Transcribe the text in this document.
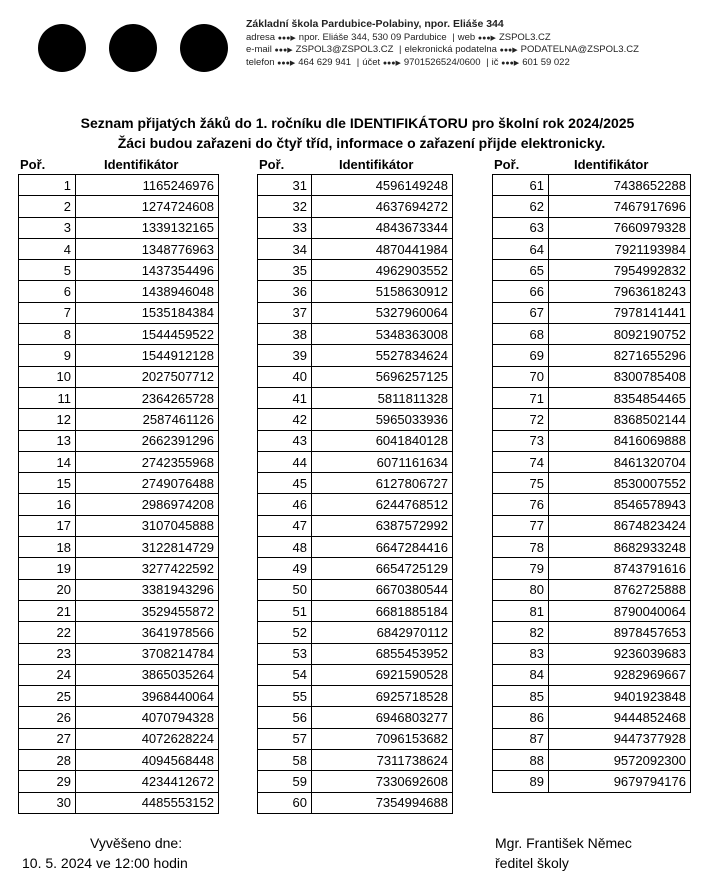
Základní škola Pardubice-Polabiny, npor. Eliáše 344
adresa ●●●▶ npor. Eliáše 344, 530 09 Pardubice | web ●●●▶ ZSPOL3.CZ
e-mail ●●●▶ ZSPOL3@ZSPOL3.CZ | elekronická podatelna ●●●▶ PODATELNA@ZSPOL3.CZ
telefon ●●●▶ 464 629 941 | účet ●●●▶ 9701526524/0600 | ič ●●●▶ 601 59 022
Seznam přijatých žáků do 1. ročníku dle IDENTIFIKÁTORU pro školní rok 2024/2025
Žáci budou zařazeni do čtyř tříd, informace o zařazení přijde elektronicky.
Poř.	Identifikátor
1	1165246976
2	1274724608
3	1339132165
4	1348776963
5	1437354496
6	1438946048
7	1535184384
8	1544459522
9	1544912128
10	2027507712
11	2364265728
12	2587461126
13	2662391296
14	2742355968
15	2749076488
16	2986974208
17	3107045888
18	3122814729
19	3277422592
20	3381943296
21	3529455872
22	3641978566
23	3708214784
24	3865035264
25	3968440064
26	4070794328
27	4072628224
28	4094568448
29	4234412672
30	4485553152
Poř.	Identifikátor
31	4596149248
32	4637694272
33	4843673344
34	4870441984
35	4962903552
36	5158630912
37	5327960064
38	5348363008
39	5527834624
40	5696257125
41	5811811328
42	5965033936
43	6041840128
44	6071161634
45	6127806727
46	6244768512
47	6387572992
48	6647284416
49	6654725129
50	6670380544
51	6681885184
52	6842970112
53	6855453952
54	6921590528
55	6925718528
56	6946803277
57	7096153682
58	7311738624
59	7330692608
60	7354994688
Poř.	Identifikátor
61	7438652288
62	7467917696
63	7660979328
64	7921193984
65	7954992832
66	7963618243
67	7978141441
68	8092190752
69	8271655296
70	8300785408
71	8354854465
72	8368502144
73	8416069888
74	8461320704
75	8530007552
76	8546578943
77	8674823424
78	8682933248
79	8743791616
80	8762725888
81	8790040064
82	8978457653
83	9236039683
84	9282969667
85	9401923848
86	9444852468
87	9447377928
88	9572092300
89	9679794176
Vyvěšeno dne:
10. 5. 2024 ve 12:00 hodin
Mgr. František Němec
ředitel školy
